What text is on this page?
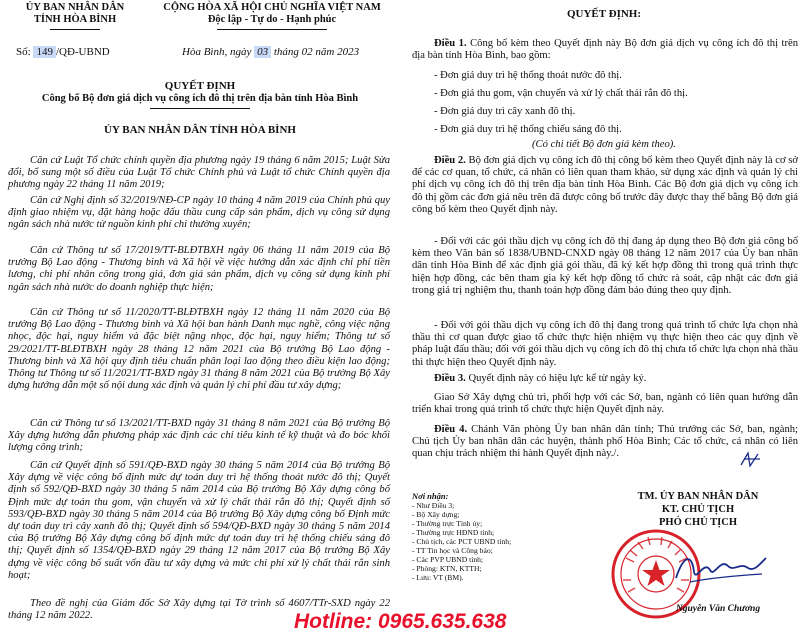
ỦY BAN NHÂN DÂN
TỈNH HÒA BÌNH
CỘNG HÒA XÃ HỘI CHỦ NGHĨA VIỆT NAM
Độc lập - Tự do - Hạnh phúc
Số: 149 /QĐ-UBND	Hòa Bình, ngày 03 tháng 02 năm 2023
QUYẾT ĐỊNH
Công bố Bộ đơn giá dịch vụ công ích đô thị trên địa bàn tỉnh Hòa Bình
ỦY BAN NHÂN DÂN TỈNH HÒA BÌNH

Căn cứ Luật Tổ chức chính quyền địa phương ngày 19 tháng 6 năm 2015; Luật Sửa đổi, bổ sung một số điều của Luật Tổ chức Chính phủ và Luật tổ chức Chính quyền địa phương ngày 22 tháng 11 năm 2019;

Căn cứ Nghị định số 32/2019/NĐ-CP ngày 10 tháng 4 năm 2019 của Chính phủ quy định giao nhiệm vụ, đặt hàng hoặc đấu thầu cung cấp sản phẩm, dịch vụ công sử dụng ngân sách nhà nước từ nguồn kinh phí chi thường xuyên;

Căn cứ Thông tư số 17/2019/TT-BLĐTBXH ngày 06 tháng 11 năm 2019 của Bộ trưởng Bộ Lao động - Thương binh và Xã hội về việc hướng dẫn xác định chi phí tiền lương, chi phí nhân công trong giá, đơn giá sản phẩm, dịch vụ công sử dụng kinh phí ngân sách nhà nước do doanh nghiệp thực hiện;

Căn cứ Thông tư số 11/2020/TT-BLĐTBXH ngày 12 tháng 11 năm 2020 của Bộ trưởng Bộ Lao động - Thương binh và Xã hội ban hành Danh mục nghề, công việc nặng nhọc, độc hại, nguy hiểm và đặc biệt nặng nhọc, độc hại, nguy hiểm; Thông tư số 29/2021/TT-BLĐTBXH ngày 28 tháng 12 năm 2021 của Bộ trưởng Bộ Lao động - Thương binh và Xã hội quy định tiêu chuẩn phân loại lao động theo điều kiện lao động; Thông tư Thông tư số 11/2021/TT-BXD ngày 31 tháng 8 năm 2021 của Bộ trưởng Bộ Xây dựng hướng dẫn một số nội dung xác định và quản lý chi phí đầu tư xây dựng;

Căn cứ Thông tư số 13/2021/TT-BXD ngày 31 tháng 8 năm 2021 của Bộ trưởng Bộ Xây dựng hướng dẫn phương pháp xác định các chỉ tiêu kinh tế kỹ thuật và đo bóc khối lượng công trình;

Căn cứ Quyết định số 591/QĐ-BXD ngày 30 tháng 5 năm 2014 của Bộ trưởng Bộ Xây dựng về việc công bố định mức dự toán duy trì hệ thống thoát nước đô thị; Quyết định số 592/QĐ-BXD ngày 30 tháng 5 năm 2014 của Bộ trưởng Bộ Xây dựng công bố Định mức dự toán thu gom, vận chuyển và xử lý chất thải rắn đô thị; Quyết định số 593/QĐ-BXD ngày 30 tháng 5 năm 2014 của Bộ trưởng Bộ Xây dựng công bố Định mức dự toán duy trì cây xanh đô thị; Quyết định số 594/QĐ-BXD ngày 30 tháng 5 năm 2014 của Bộ trưởng Bộ Xây dựng công bố định mức dự toán duy trì hệ thống chiếu sáng đô thị; Quyết định số 1354/QĐ-BXD ngày 29 tháng 12 năm 2017 của Bộ trưởng Bộ Xây dựng về việc công bố suất vốn đầu tư xây dựng và mức chi phí xử lý chất thải rắn sinh hoạt;

Theo đề nghị của Giám đốc Sở Xây dựng tại Tờ trình số 4607/TTr-SXD ngày 22 tháng 12 năm 2022.

QUYẾT ĐỊNH:

Điều 1. Công bố kèm theo Quyết định này Bộ đơn giá dịch vụ công ích đô thị trên địa bàn tỉnh Hòa Bình, bao gồm:

- Đơn giá duy trì hệ thống thoát nước đô thị.

- Đơn giá thu gom, vận chuyển và xử lý chất thải rắn đô thị.

- Đơn giá duy trì cây xanh đô thị.

- Đơn giá duy trì hệ thống chiếu sáng đô thị.

(Có chi tiết Bộ đơn giá kèm theo).

Điều 2. Bộ đơn giá dịch vụ công ích đô thị công bố kèm theo Quyết định này là cơ sở để các cơ quan, tổ chức, cá nhân có liên quan tham khảo, sử dụng xác định và quản lý chi phí dịch vụ công ích đô thị trên địa bàn tỉnh Hòa Bình. Các Bộ đơn giá dịch vụ công ích đô thị gồm các đơn giá nêu trên đã được công bố trước đây được thay thế bằng Bộ đơn giá công bố kèm theo Quyết định này.

- Đối với các gói thầu dịch vụ công ích đô thị đang áp dụng theo Bộ đơn giá công bố kèm theo Văn bản số 1838/UBND-CNXD ngày 08 tháng 12 năm 2017 của Ủy ban nhân dân tỉnh Hòa Bình để xác định giá gói thầu, đã ký kết hợp đồng thì trong quá trình thực hiện hợp đồng, các bên tham gia ký kết hợp đồng tổ chức rà soát, cập nhật các đơn giá trong giá trị nghiệm thu, thanh toán hợp đồng đảm bảo đúng theo quy định.

- Đối với gói thầu dịch vụ công ích đô thị đang trong quá trình tổ chức lựa chọn nhà thầu thì cơ quan được giao tổ chức thực hiện nhiệm vụ thực hiện theo các quy định về pháp luật đấu thầu; đối với gói thầu dịch vụ công ích đô thị chưa tổ chức lựa chọn nhà thầu thì thực hiện theo Quyết định này.

Điều 3. Quyết định này có hiệu lực kể từ ngày ký.

Giao Sở Xây dựng chủ trì, phối hợp với các Sở, ban, ngành có liên quan hướng dẫn triển khai trong quá trình tổ chức thực hiện Quyết định này.

Điều 4. Chánh Văn phòng Ủy ban nhân dân tỉnh; Thủ trưởng các Sở, ban, ngành; Chủ tịch Ủy ban nhân dân các huyện, thành phố Hòa Bình; Các tổ chức, cá nhân có liên quan chịu trách nhiệm thi hành Quyết định này./.

Nơi nhận:
- Như Điều 3;
- Bộ Xây dựng;
- Thường trực Tỉnh ủy;
- Thường trực HĐND tỉnh;
- Chủ tịch, các PCT UBND tỉnh;
- TT Tin học và Công báo;
- Các PVP UBND tỉnh;
- Phòng: KTN, KTTH;
- Lưu: VT (BM).
TM. ỦY BAN NHÂN DÂN
KT. CHỦ TỊCH
PHÓ CHỦ TỊCH
Nguyễn Văn Chương
Hotline: 0965.635.638
